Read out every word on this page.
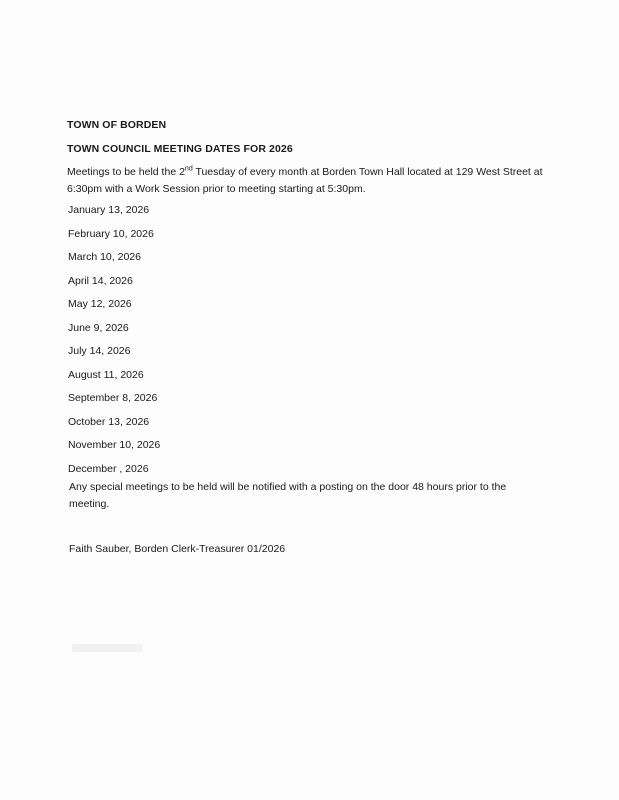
TOWN OF BORDEN
TOWN COUNCIL MEETING DATES FOR 2026
Meetings to be held the 2nd Tuesday of every month at Borden Town Hall located at 129 West Street at 6:30pm with a Work Session prior to meeting starting at 5:30pm.
January 13, 2026
February 10, 2026
March 10, 2026
April 14, 2026
May 12, 2026
June 9, 2026
July 14, 2026
August 11, 2026
September 8, 2026
October 13, 2026
November 10, 2026
December , 2026
Any special meetings to be held will be notified with a posting on the door 48 hours prior to the meeting.
Faith Sauber, Borden Clerk-Treasurer 01/2026
